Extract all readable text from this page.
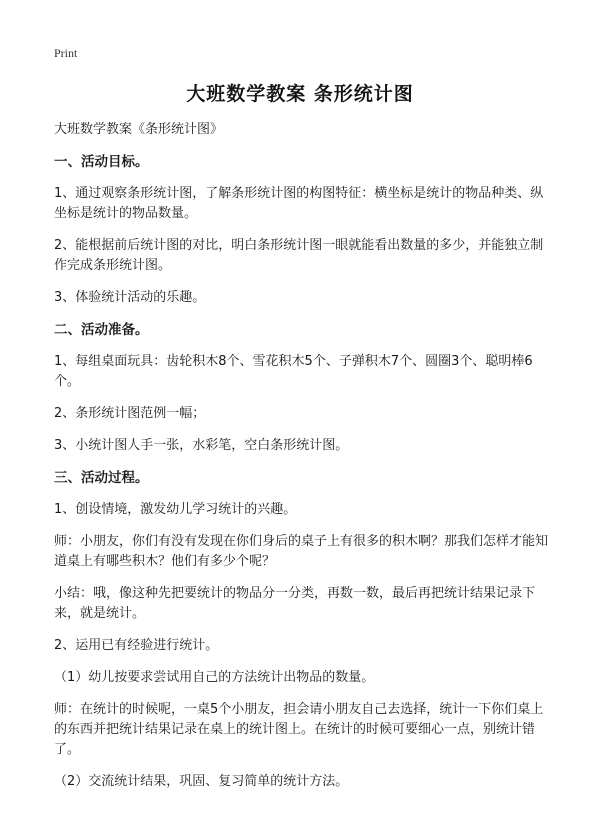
Print
大班数学教案 条形统计图

大班数学教案《条形统计图》

一、活动目标。

1、通过观察条形统计图，了解条形统计图的构图特征：横坐标是统计的物品种类、纵坐标是统计的物品数量。

2、能根据前后统计图的对比，明白条形统计图一眼就能看出数量的多少，并能独立制作完成条形统计图。

3、体验统计活动的乐趣。

二、活动准备。

1、每组桌面玩具：齿轮积木8个、雪花积木5个、子弹积木7个、圆圈3个、聪明棒6个。

2、条形统计图范例一幅；

3、小统计图人手一张，水彩笔，空白条形统计图。

三、活动过程。

1、创设情境，激发幼儿学习统计的兴趣。

师：小朋友，你们有没有发现在你们身后的桌子上有很多的积木啊？那我们怎样才能知道桌上有哪些积木？他们有多少个呢？

小结：哦，像这种先把要统计的物品分一分类，再数一数，最后再把统计结果记录下来，就是统计。

2、运用已有经验进行统计。

（1）幼儿按要求尝试用自己的方法统计出物品的数量。

师：在统计的时候呢，一桌5个小朋友，担会请小朋友自己去选择，统计一下你们桌上的东西并把统计结果记录在桌上的统计图上。在统计的时候可要细心一点，别统计错了。

（2）交流统计结果，巩固、复习简单的统计方法。
